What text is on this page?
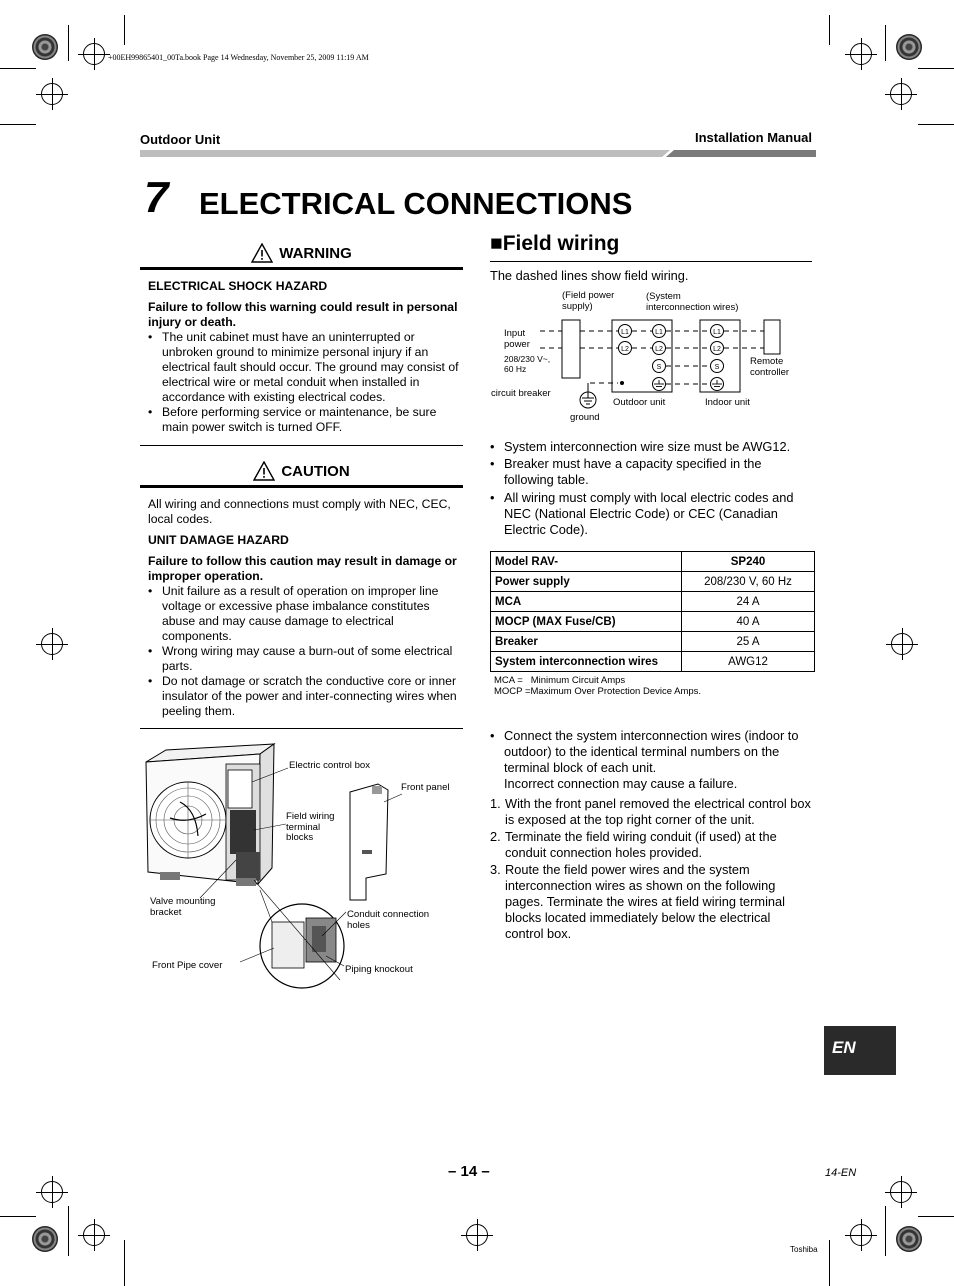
+00EH99865401_00Ta.book Page 14 Wednesday, November 25, 2009 11:19 AM
Outdoor Unit	Installation Manual
7 ELECTRICAL CONNECTIONS
WARNING
ELECTRICAL SHOCK HAZARD
Failure to follow this warning could result in personal injury or death.
• The unit cabinet must have an uninterrupted or unbroken ground to minimize personal injury if an electrical fault should occur. The ground may consist of electrical wire or metal conduit when installed in accordance with existing electrical codes.
• Before performing service or maintenance, be sure main power switch is turned OFF.
CAUTION
All wiring and connections must comply with NEC, CEC, local codes.
UNIT DAMAGE HAZARD
Failure to follow this caution may result in damage or improper operation.
• Unit failure as a result of operation on improper line voltage or excessive phase imbalance constitutes abuse and may cause damage to electrical components.
• Wrong wiring may cause a burn-out of some electrical parts.
• Do not damage or scratch the conductive core or inner insulator of the power and inter-connecting wires when peeling them.
Electric control box
Front panel
Field wiring
terminal
blocks
Valve mounting
bracket	Conduit connection
holes
Front Pipe cover	Piping knockout
■Field wiring
The dashed lines show field wiring.
L1
L2
L1
L2
S
L1
L2
S
(Field power
supply)
(System
interconnection wires)
Input
power
208/230 V~,
60 Hz
circuit breaker
ground
Outdoor unit	Indoor unit
Remote
controller
• System interconnection wire size must be AWG12.
• Breaker must have a capacity specified in the following table.
• All wiring must comply with local electric codes and NEC (National Electric Code) or CEC (Canadian Electric Code).
Model RAV-	SP240
Power supply	208/230 V, 60 Hz
MCA	24 A
MOCP (MAX Fuse/CB)	40 A
Breaker	25 A
System interconnection wires	AWG12
MCA =   Minimum Circuit Amps
MOCP =Maximum Over Protection Device Amps.

• Connect the system interconnection wires (indoor to outdoor) to the identical terminal numbers on the terminal block of each unit.
Incorrect connection may cause a failure.

1. With the front panel removed the electrical control box is exposed at the top right corner of the unit.
2. Terminate the field wiring conduit (if used) at the conduit connection holes provided.
3. Route the field power wires and the system interconnection wires as shown on the following pages. Terminate the wires at field wiring terminal blocks located immediately below the electrical control box.
EN
– 14 –	14-EN
Toshiba
